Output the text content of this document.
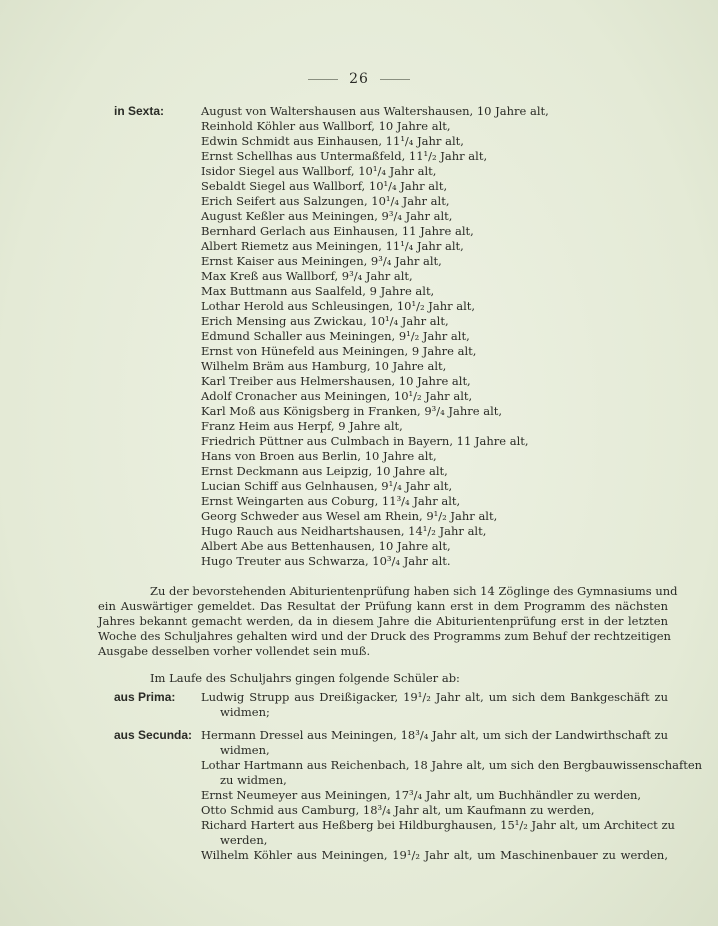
26
in Sexta:	August von Waltershausen aus Waltershausen, 10 Jahre alt,
Reinhold Köhler aus Wallborf, 10 Jahre alt,
Edwin Schmidt aus Einhausen, 11¹/₄ Jahr alt,
Ernst Schellhas aus Untermaßfeld, 11¹/₂ Jahr alt,
Isidor Siegel aus Wallborf, 10¹/₄ Jahr alt,
Sebaldt Siegel aus Wallborf, 10¹/₄ Jahr alt,
Erich Seifert aus Salzungen, 10¹/₄ Jahr alt,
August Keßler aus Meiningen, 9³/₄ Jahr alt,
Bernhard Gerlach aus Einhausen, 11 Jahre alt,
Albert Riemetz aus Meiningen, 11¹/₄ Jahr alt,
Ernst Kaiser aus Meiningen, 9³/₄ Jahr alt,
Max Kreß aus Wallborf, 9³/₄ Jahr alt,
Max Buttmann aus Saalfeld, 9 Jahre alt,
Lothar Herold aus Schleusingen, 10¹/₂ Jahr alt,
Erich Mensing aus Zwickau, 10¹/₄ Jahr alt,
Edmund Schaller aus Meiningen, 9¹/₂ Jahr alt,
Ernst von Hünefeld aus Meiningen, 9 Jahre alt,
Wilhelm Bräm aus Hamburg, 10 Jahre alt,
Karl Treiber aus Helmershausen, 10 Jahre alt,
Adolf Cronacher aus Meiningen, 10¹/₂ Jahr alt,
Karl Moß aus Königsberg in Franken, 9³/₄ Jahre alt,
Franz Heim aus Herpf, 9 Jahre alt,
Friedrich Püttner aus Culmbach in Bayern, 11 Jahre alt,
Hans von Broen aus Berlin, 10 Jahre alt,
Ernst Deckmann aus Leipzig, 10 Jahre alt,
Lucian Schiff aus Gelnhausen, 9¹/₄ Jahr alt,
Ernst Weingarten aus Coburg, 11³/₄ Jahr alt,
Georg Schweder aus Wesel am Rhein, 9¹/₂ Jahr alt,
Hugo Rauch aus Neidhartshausen, 14¹/₂ Jahr alt,
Albert Abe aus Bettenhausen, 10 Jahre alt,
Hugo Treuter aus Schwarza, 10³/₄ Jahr alt.
Zu der bevorstehenden Abiturientenprüfung haben sich 14 Zöglinge des Gymnasiums und
ein Auswärtiger gemeldet. Das Resultat der Prüfung kann erst in dem Programm des nächsten
Jahres bekannt gemacht werden, da in diesem Jahre die Abiturientenprüfung erst in der letzten
Woche des Schuljahres gehalten wird und der Druck des Programms zum Behuf der rechtzeitigen
Ausgabe desselben vorher vollendet sein muß.
Im Laufe des Schuljahrs gingen folgende Schüler ab:
aus Prima: Ludwig Strupp aus Dreißigacker, 19¹/₂ Jahr alt, um sich dem Bankgeschäft zu
widmen;
aus Secunda: Hermann Dressel aus Meiningen, 18³/₄ Jahr alt, um sich der Landwirthschaft zu
widmen,
Lothar Hartmann aus Reichenbach, 18 Jahre alt, um sich den Bergbauwissenschaften
zu widmen,
Ernst Neumeyer aus Meiningen, 17³/₄ Jahr alt, um Buchhändler zu werden,
Otto Schmid aus Camburg, 18³/₄ Jahr alt, um Kaufmann zu werden,
Richard Hartert aus Heßberg bei Hildburghausen, 15¹/₂ Jahr alt, um Architect zu
werden,
Wilhelm Köhler aus Meiningen, 19¹/₂ Jahr alt, um Maschinenbauer zu werden,
